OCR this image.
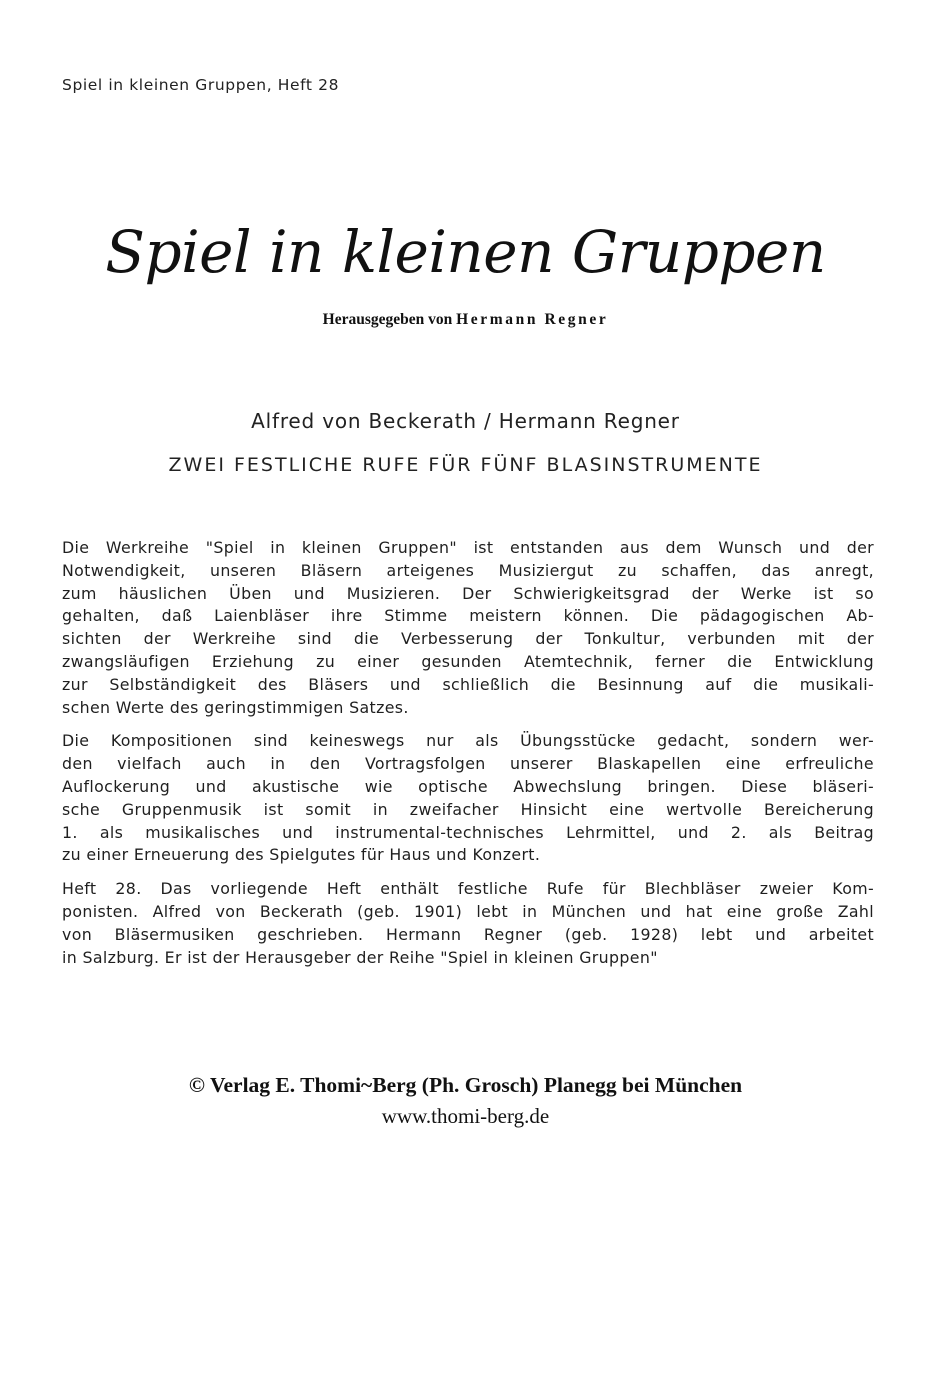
Spiel in kleinen Gruppen, Heft 28
Spiel in kleinen Gruppen
Herausgegeben von Hermann Regner
Alfred von Beckerath / Hermann Regner
ZWEI FESTLICHE RUFE FÜR FÜNF BLASINSTRUMENTE
Die Werkreihe "Spiel in kleinen Gruppen" ist entstanden aus dem Wunsch und der
Notwendigkeit, unseren Bläsern arteigenes Musiziergut zu schaffen, das anregt,
zum häuslichen Üben und Musizieren. Der Schwierigkeitsgrad der Werke ist so
gehalten, daß Laienbläser ihre Stimme meistern können. Die pädagogischen Ab-
sichten der Werkreihe sind die Verbesserung der Tonkultur, verbunden mit der
zwangsläufigen Erziehung zu einer gesunden Atemtechnik, ferner die Entwicklung
zur Selbständigkeit des Bläsers und schließlich die Besinnung auf die musikali-
schen Werte des geringstimmigen Satzes.
Die Kompositionen sind keineswegs nur als Übungsstücke gedacht, sondern wer-
den vielfach auch in den Vortragsfolgen unserer Blaskapellen eine erfreuliche
Auflockerung und akustische wie optische Abwechslung bringen. Diese bläseri-
sche Gruppenmusik ist somit in zweifacher Hinsicht eine wertvolle Bereicherung
1. als musikalisches und instrumental-technisches Lehrmittel, und 2. als Beitrag
zu einer Erneuerung des Spielgutes für Haus und Konzert.
Heft 28. Das vorliegende Heft enthält festliche Rufe für Blechbläser zweier Kom-
ponisten. Alfred von Beckerath (geb. 1901) lebt in München und hat eine große Zahl
von Bläsermusiken geschrieben. Hermann Regner (geb. 1928) lebt und arbeitet
in Salzburg. Er ist der Herausgeber der Reihe "Spiel in kleinen Gruppen"
© Verlag E. Thomi~Berg (Ph. Grosch) Planegg bei München
www.thomi-berg.de
